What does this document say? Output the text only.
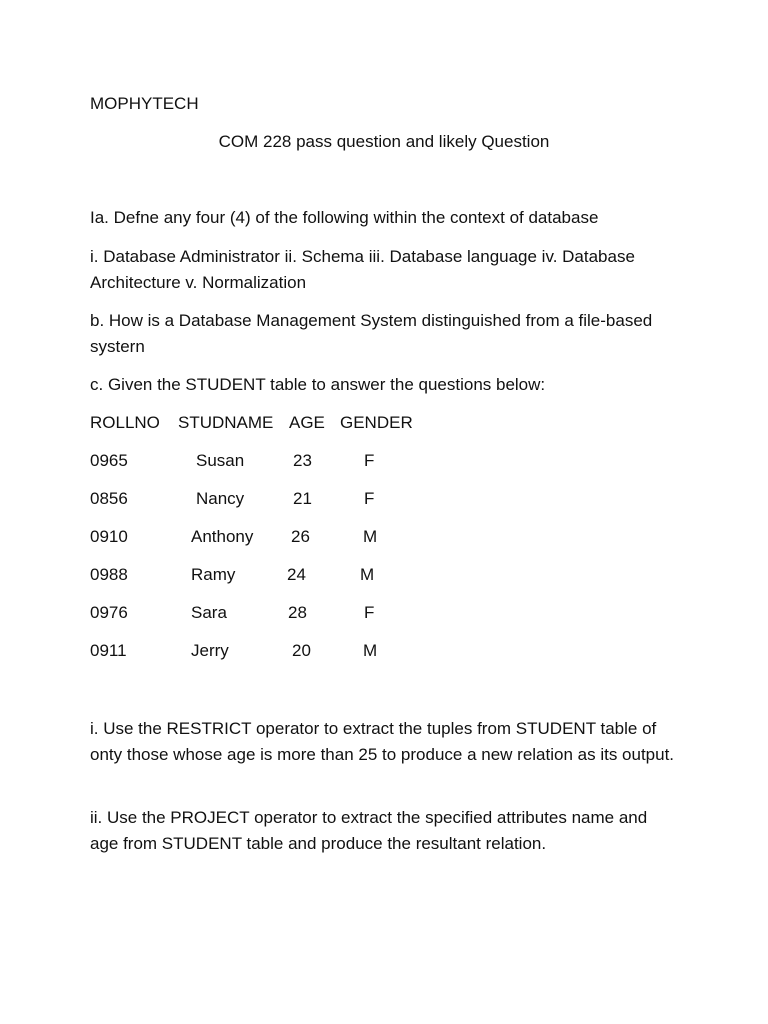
MOPHYTECH

COM 228 pass question and likely Question

Ia. Defne any four (4) of the following within the context of database

i. Database Administrator ii. Schema iii. Database language iv. Database Architecture v. Normalization

b. How is a Database Management System distinguished from a file-based systern

c. Given the STUDENT table to answer the questions below:

ROLLNO STUDNAME AGE GENDER
0965	Susan	23	F
0856	Nancy	21	F
0910	Anthony 26	M
0988	Ramy	24	M
0976	Sara	28	F
0911	Jerry	20	M

i. Use the RESTRICT operator to extract the tuples from STUDENT table of onty those whose age is more than 25 to produce a new relation as its output.

ii. Use the PROJECT operator to extract the specified attributes name and age from STUDENT table and produce the resultant relation.
